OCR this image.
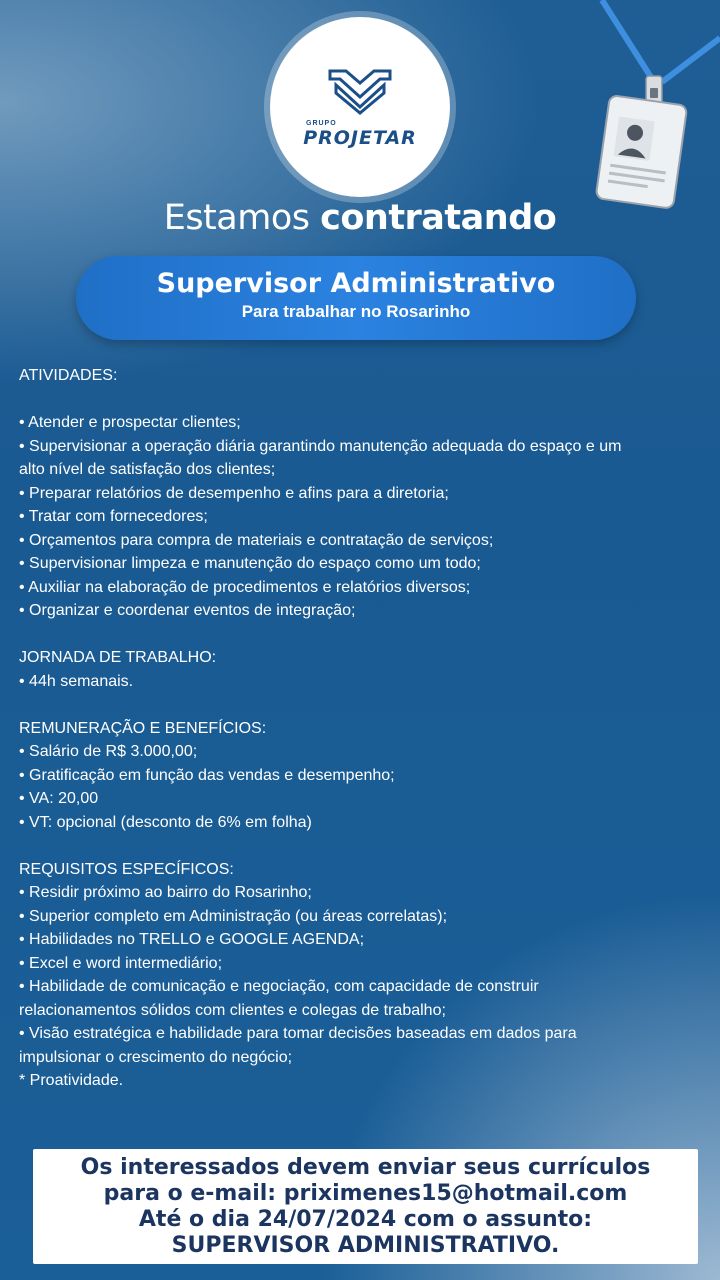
GRUPO
PROJETAR
Estamos contratando
Supervisor Administrativo
Para trabalhar no Rosarinho

ATIVIDADES:

• Atender e prospectar clientes;

• Supervisionar a operação diária garantindo manutenção adequada do espaço e um

alto nível de satisfação dos clientes;

• Preparar relatórios de desempenho e afins para a diretoria;

• Tratar com fornecedores;

• Orçamentos para compra de materiais e contratação de serviços;

• Supervisionar limpeza e manutenção do espaço como um todo;

• Auxiliar na elaboração de procedimentos e relatórios diversos;

• Organizar e coordenar eventos de integração;

JORNADA DE TRABALHO:

• 44h semanais.

REMUNERAÇÃO E BENEFÍCIOS:

• Salário de R$ 3.000,00;

• Gratificação em função das vendas e desempenho;

• VA: 20,00

• VT: opcional (desconto de 6% em folha)

REQUISITOS ESPECÍFICOS:

• Residir próximo ao bairro do Rosarinho;

• Superior completo em Administração (ou áreas correlatas);

• Habilidades no TRELLO e GOOGLE AGENDA;

• Excel e word intermediário;

• Habilidade de comunicação e negociação, com capacidade de construir

relacionamentos sólidos com clientes e colegas de trabalho;

• Visão estratégica e habilidade para tomar decisões baseadas em dados para

impulsionar o crescimento do negócio;

* Proatividade.

Os interessados devem enviar seus currículos

para o e-mail: priximenes15@hotmail.com

Até o dia 24/07/2024 com o assunto:

SUPERVISOR ADMINISTRATIVO.
